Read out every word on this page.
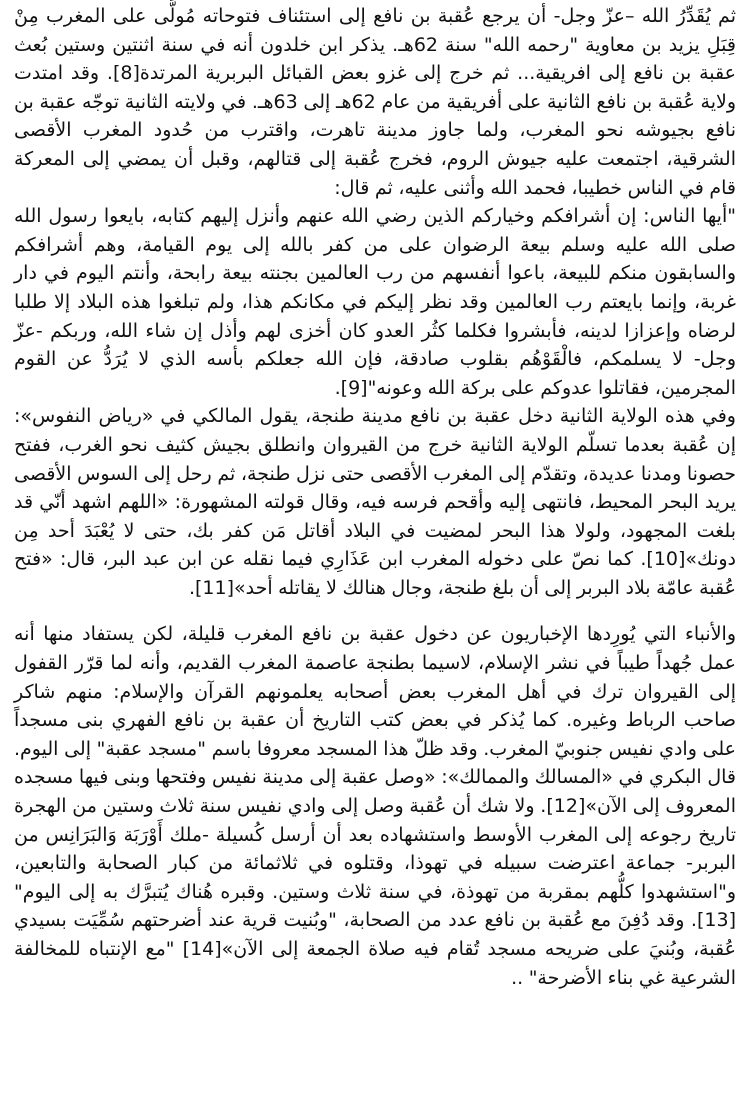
ثم يُقَدِّرُ الله –عزّ وجل- أن يرجع عُقبة بن نافع إلى استئناف فتوحاته مُولًّى على المغرب مِنْ قِبَلِ يزيد بن معاوية "رحمه الله" سنة 62هـ. يذكر ابن خلدون أنه في سنة اثنتين وستين بُعث عقبة بن نافع إلى افريقية... ثم خرج إلى غزو بعض القبائل البربرية المرتدة[8]. وقد امتدت ولاية عُقبة بن نافع الثانية على أفريقية من عام 62هـ إلى 63هـ. في ولايته الثانية توجّه عقبة بن نافع بجيوشه نحو المغرب، ولما جاوز مدينة تاهرت، واقترب من حُدود المغرب الأقصى الشرقية، اجتمعت عليه جيوش الروم، فخرج عُقبة إلى قتالهم، وقبل أن يمضي إلى المعركة قام في الناس خطيبا، فحمد الله وأثنى عليه، ثم قال:

"أيها الناس: إن أشرافكم وخياركم الذين رضي الله عنهم وأنزل إليهم كتابه، بايعوا رسول الله صلى الله عليه وسلم بيعة الرضوان على من كفر بالله إلى يوم القيامة، وهم أشرافكم والسابقون منكم للبيعة، باعوا أنفسهم من رب العالمين بجنته بيعة رابحة، وأنتم اليوم في دار غربة، وإنما بايعتم رب العالمين وقد نظر إليكم في مكانكم هذا، ولم تبلغوا هذه البلاد إلا طلبا لرضاه وإعزازا لدينه، فأبشروا فكلما كثُر العدو كان أخزى لهم وأذل إن شاء الله، وربكم -عزّ وجل- لا يسلمكم، فالْقَوْهُم بقلوب صادقة، فإن الله جعلكم بأسه الذي لا يُرَدُّ عن القوم المجرمين، فقاتلوا عدوكم على بركة الله وعونه"[9].

وفي هذه الولاية الثانية دخل عقبة بن نافع مدينة طنجة، يقول المالكي في «رياض النفوس»: إن عُقبة بعدما تسلّم الولاية الثانية خرج من القيروان وانطلق بجيش كثيف نحو الغرب، ففتح حصونا ومدنا عديدة، وتقدّم إلى المغرب الأقصى حتى نزل طنجة، ثم رحل إلى السوس الأقصى يريد البحر المحيط، فانتهى إليه وأقحم فرسه فيه، وقال قولته المشهورة: «اللهم اشهد أنّي قد بلغت المجهود، ولولا هذا البحر لمضيت في البلاد أقاتل مَن كفر بك، حتى لا يُعْبَدَ أحد مِن دونك»[10]. كما نصّ على دخوله المغرب ابن عَذَارِي فيما نقله عن ابن عبد البر، قال: «فتح عُقبة عامّة بلاد البربر إلى أن بلغ طنجة، وجال هنالك لا يقاتله أحد»[11].

والأنباء التي يُورِدها الإخباريون عن دخول عقبة بن نافع المغرب قليلة، لكن يستفاد منها أنه عمل جُهداً طيباً في نشر الإسلام، لاسيما بطنجة عاصمة المغرب القديم، وأنه لما قرّر القفول إلى القيروان ترك في أهل المغرب بعض أصحابه يعلمونهم القرآن والإسلام: منهم شاكر صاحب الرباط وغيره. كما يُذكر في بعض كتب التاريخ أن عقبة بن نافع الفهري بنى مسجداً على وادي نفيس جنوبيّ المغرب. وقد ظلّ هذا المسجد معروفا باسم "مسجد عقبة" إلى اليوم. قال البكري في «المسالك والممالك»: «وصل عقبة إلى مدينة نفيس وفتحها وبنى فيها مسجده المعروف إلى الآن»[12]. ولا شك أن عُقبة وصل إلى وادي نفيس سنة ثلاث وستين من الهجرة تاريخ رجوعه إلى المغرب الأوسط واستشهاده بعد أن أرسل كُسيلة -ملك أَوْرَبَة وَالبَرَانِس من البربر- جماعة اعترضت سبيله في تهوذا، وقتلوه في ثلاثمائة من كبار الصحابة والتابعين، و"استشهدوا كلُّهم بمقربة من تهوذة، في سنة ثلاث وستين. وقبره هُناك يُتبرَّك به إلى اليوم"[13]. وقد دُفِنَ مع عُقبة بن نافع عدد من الصحابة، "وبُنيت قرية عند أضرحتهم سُمِّيَت بسيدي عُقبة، وبُنيَ على ضريحه مسجد تُقام فيه صلاة الجمعة إلى الآن»[14] "مع الإنتباه للمخالفة الشرعية غي بناء الأضرحة" ..
